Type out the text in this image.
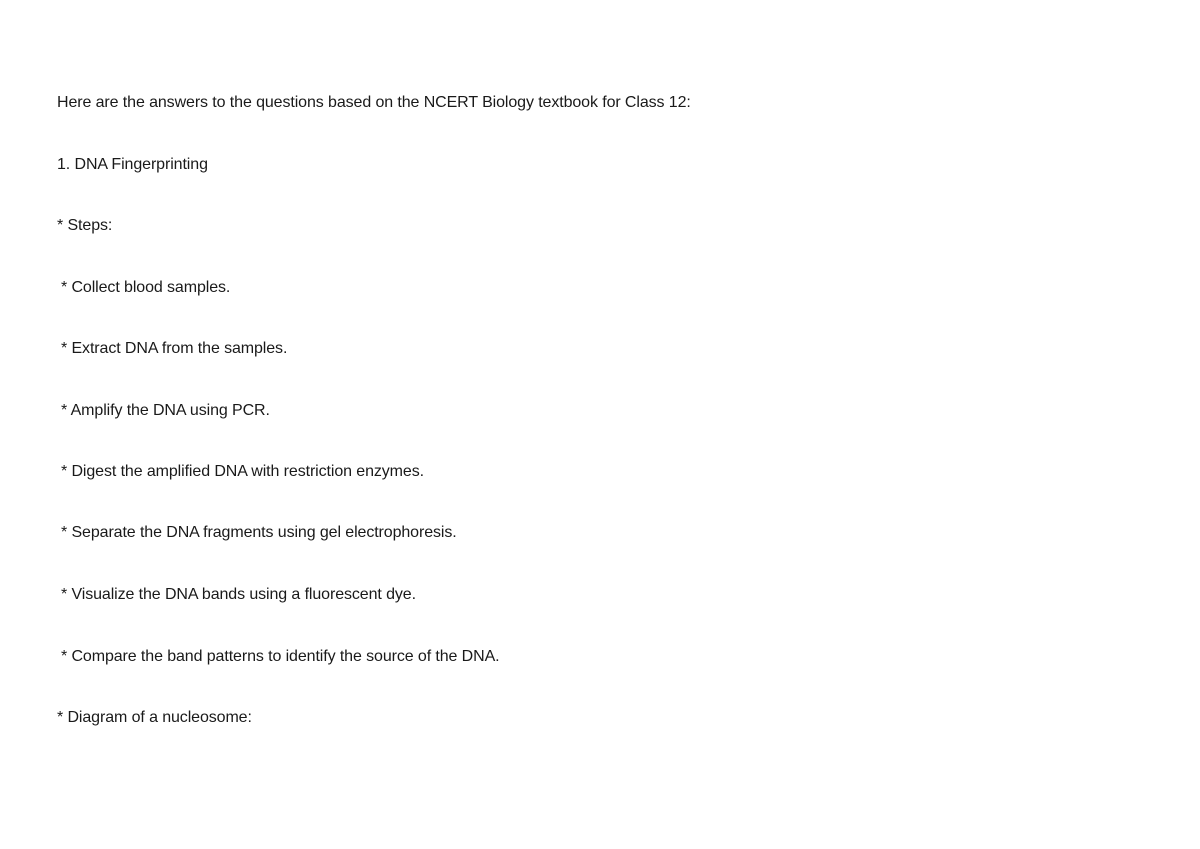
Here are the answers to the questions based on the NCERT Biology textbook for Class 12:
1. DNA Fingerprinting
* Steps:
* Collect blood samples.
* Extract DNA from the samples.
* Amplify the DNA using PCR.
* Digest the amplified DNA with restriction enzymes.
* Separate the DNA fragments using gel electrophoresis.
* Visualize the DNA bands using a fluorescent dye.
* Compare the band patterns to identify the source of the DNA.
* Diagram of a nucleosome:
